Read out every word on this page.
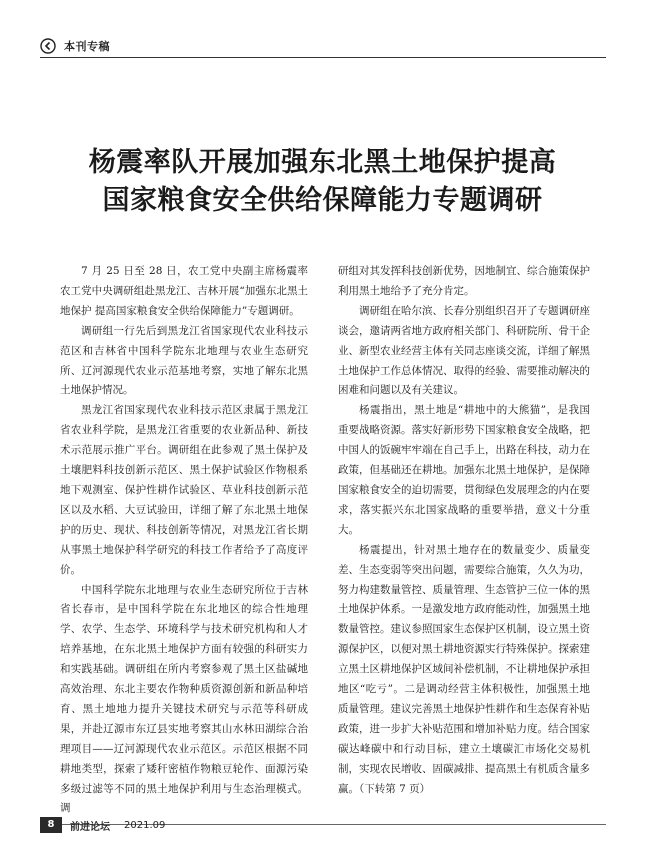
本刊专稿
杨震率队开展加强东北黑土地保护提高
国家粮食安全供给保障能力专题调研

7 月 25 日至 28 日，农工党中央副主席杨震率农工党中央调研组赴黑龙江、吉林开展“加强东北黑土地保护 提高国家粮食安全供给保障能力”专题调研。

调研组一行先后到黑龙江省国家现代农业科技示范区和吉林省中国科学院东北地理与农业生态研究所、辽河源现代农业示范基地考察，实地了解东北黑土地保护情况。

黑龙江省国家现代农业科技示范区隶属于黑龙江省农业科学院，是黑龙江省重要的农业新品种、新技术示范展示推广平台。调研组在此参观了黑土保护及土壤肥料科技创新示范区、黑土保护试验区作物根系地下观测室、保护性耕作试验区、草业科技创新示范区以及水稻、大豆试验田，详细了解了东北黑土地保护的历史、现状、科技创新等情况，对黑龙江省长期从事黑土地保护科学研究的科技工作者给予了高度评价。

中国科学院东北地理与农业生态研究所位于吉林省长春市，是中国科学院在东北地区的综合性地理学、农学、生态学、环境科学与技术研究机构和人才培养基地，在东北黑土地保护方面有较强的科研实力和实践基础。调研组在所内考察参观了黑土区盐碱地高效治理、东北主要农作物种质资源创新和新品种培育、黑土地地力提升关键技术研究与示范等科研成果，并赴辽源市东辽县实地考察其山水林田湖综合治理项目——辽河源现代农业示范区。示范区根据不同耕地类型，探索了矮秆密植作物粮豆轮作、面源污染多级过滤等不同的黑土地保护利用与生态治理模式。调

研组对其发挥科技创新优势，因地制宜、综合施策保护利用黑土地给予了充分肯定。

调研组在哈尔滨、长春分别组织召开了专题调研座谈会，邀请两省地方政府相关部门、科研院所、骨干企业、新型农业经营主体有关同志座谈交流，详细了解黑土地保护工作总体情况、取得的经验、需要推动解决的困难和问题以及有关建议。

杨震指出，黑土地是“耕地中的大熊猫”，是我国重要战略资源。落实好新形势下国家粮食安全战略，把中国人的饭碗牢牢端在自己手上，出路在科技，动力在政策，但基础还在耕地。加强东北黑土地保护，是保障国家粮食安全的迫切需要，贯彻绿色发展理念的内在要求，落实振兴东北国家战略的重要举措，意义十分重大。

杨震提出，针对黑土地存在的数量变少、质量变差、生态变弱等突出问题，需要综合施策，久久为功，努力构建数量管控、质量管理、生态管护三位一体的黑土地保护体系。一是激发地方政府能动性，加强黑土地数量管控。建议参照国家生态保护区机制，设立黑土资源保护区，以便对黑土耕地资源实行特殊保护。探索建立黑土区耕地保护区域间补偿机制，不让耕地保护承担地区“吃亏”。二是调动经营主体积极性，加强黑土地质量管理。建议完善黑土地保护性耕作和生态保育补贴政策，进一步扩大补贴范围和增加补贴力度。结合国家碳达峰碳中和行动目标，建立土壤碳汇市场化交易机制，实现农民增收、固碳减排、提高黑土有机质含量多赢。（下转第 7 页）

8	前进论坛 2021.09
